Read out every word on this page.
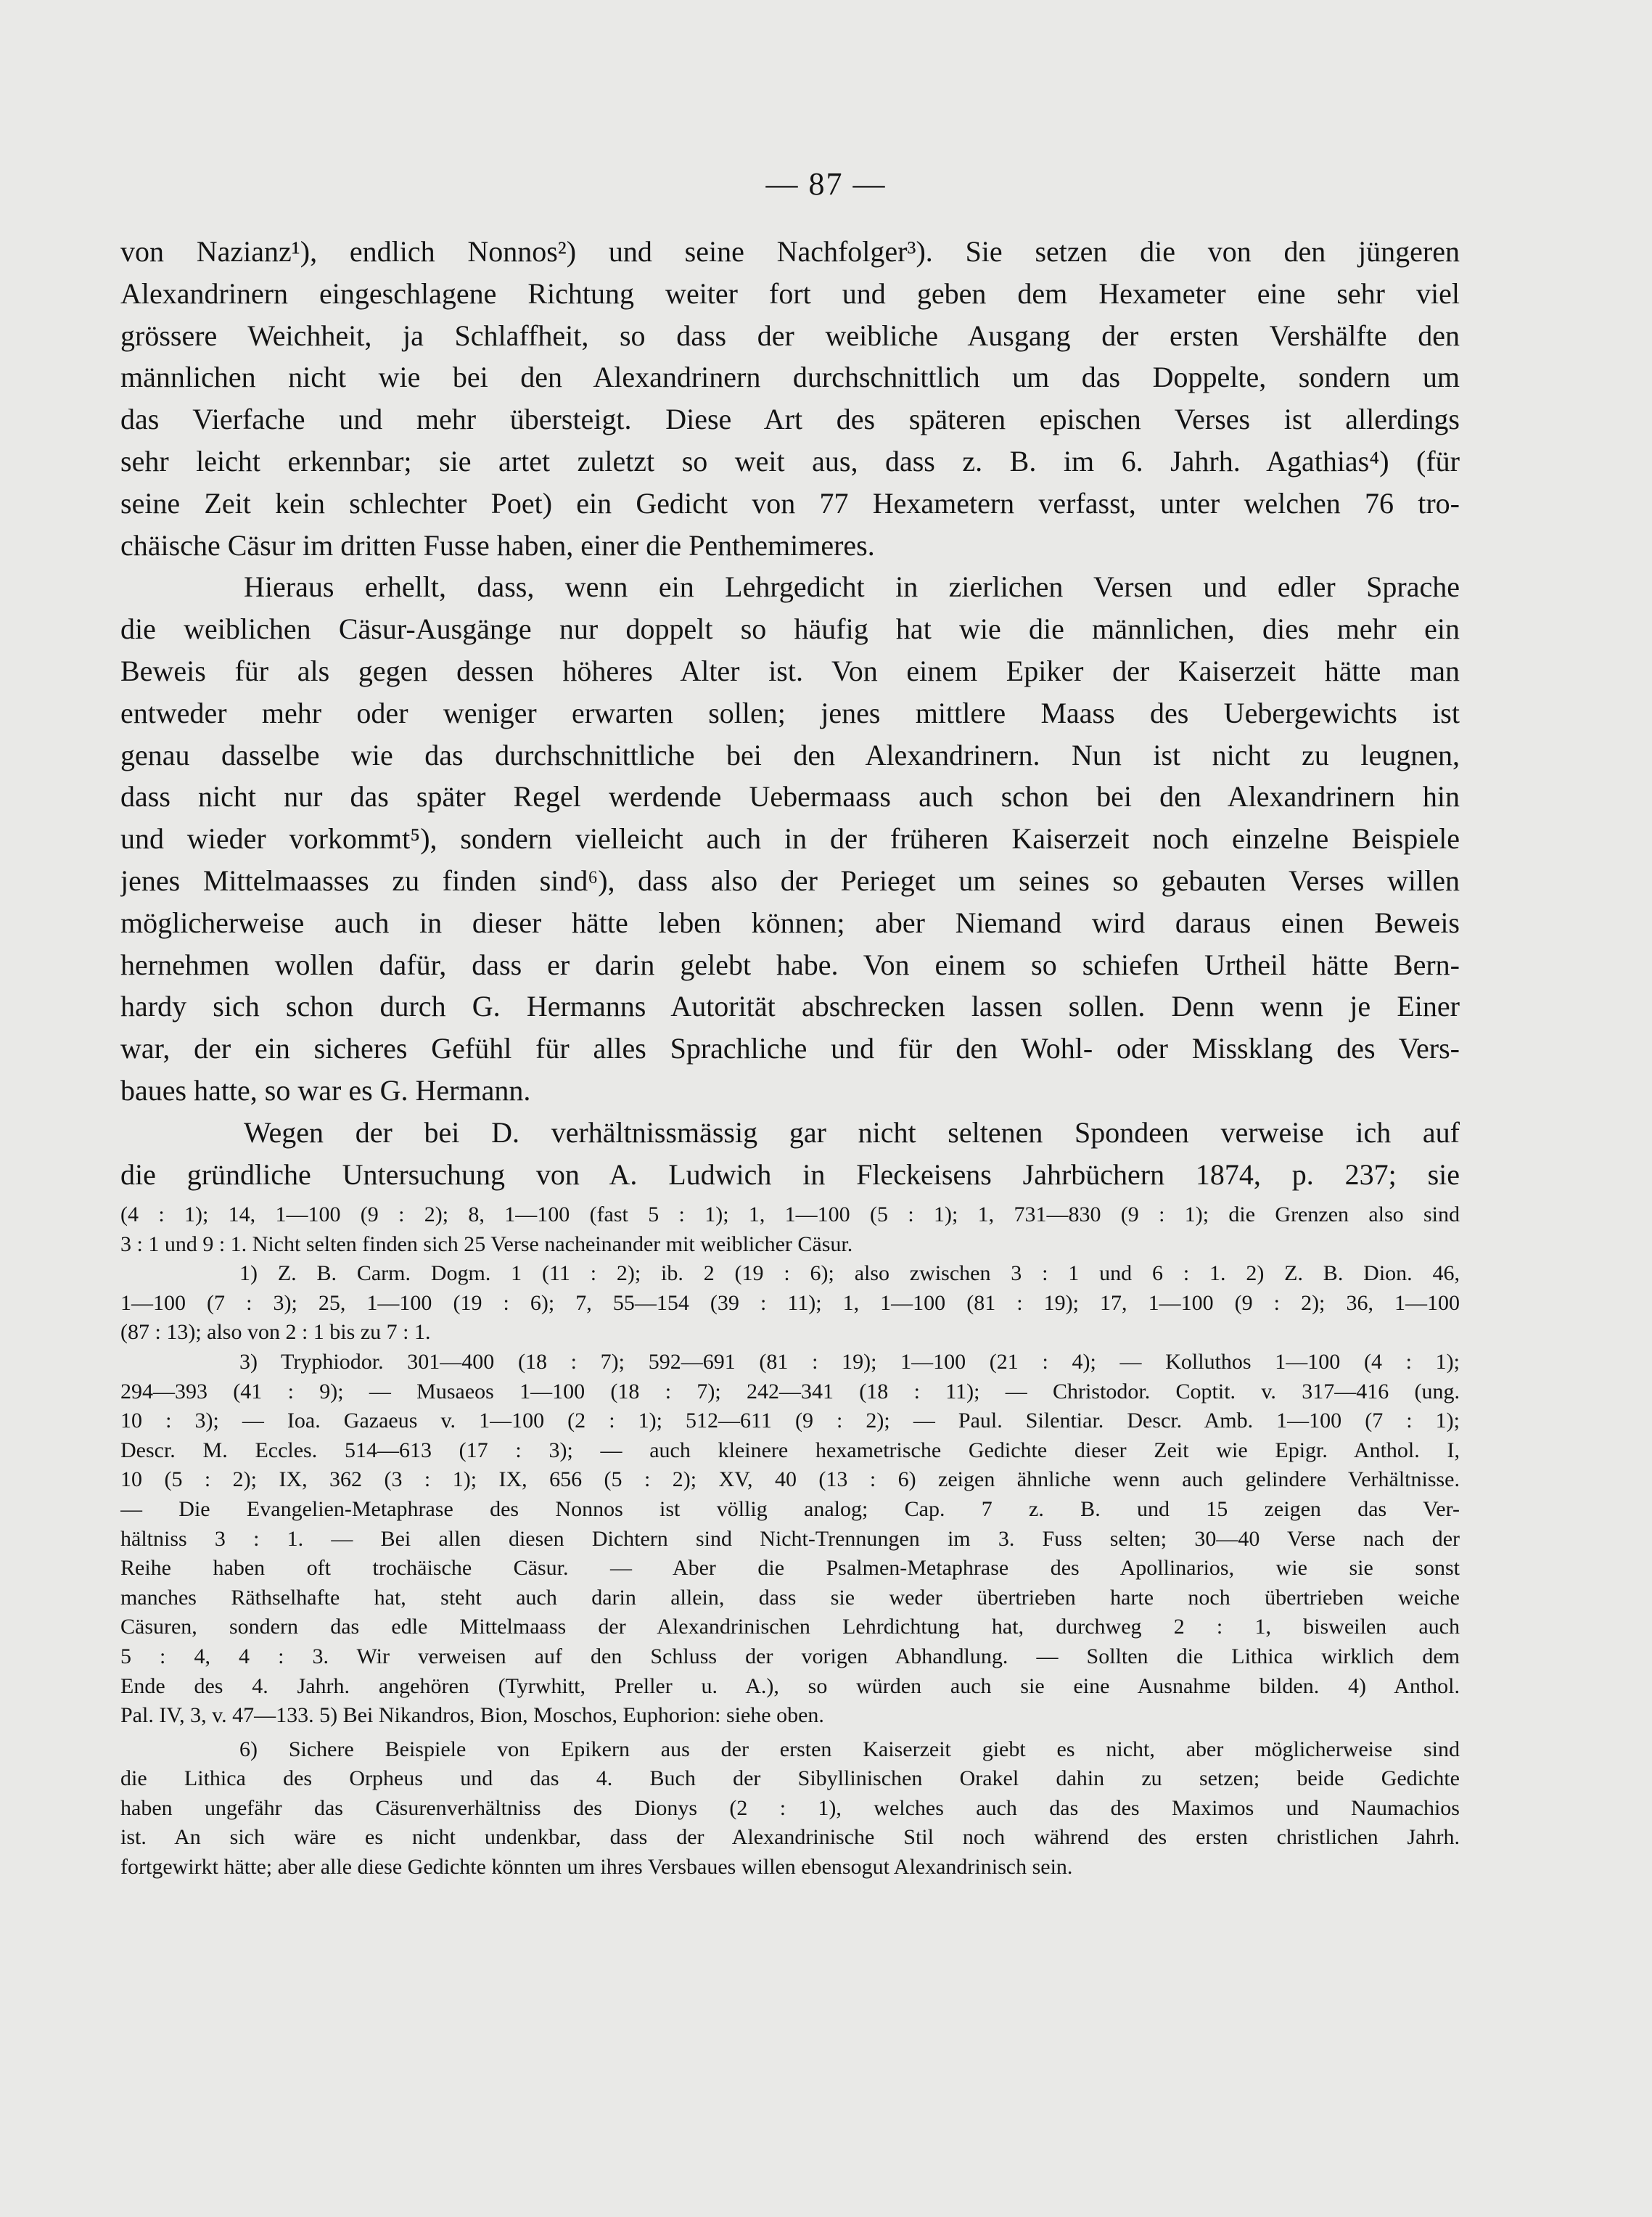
— 87 —
von Nazianz¹), endlich Nonnos²) und seine Nachfolger³). Sie setzen die von den jüngeren
Alexandrinern eingeschlagene Richtung weiter fort und geben dem Hexameter eine sehr viel
grössere Weichheit, ja Schlaffheit, so dass der weibliche Ausgang der ersten Vershälfte den
männlichen nicht wie bei den Alexandrinern durchschnittlich um das Doppelte, sondern um
das Vierfache und mehr übersteigt. Diese Art des späteren epischen Verses ist allerdings
sehr leicht erkennbar; sie artet zuletzt so weit aus, dass z. B. im 6. Jahrh. Agathias⁴) (für
seine Zeit kein schlechter Poet) ein Gedicht von 77 Hexametern verfasst, unter welchen 76 tro-
chäische Cäsur im dritten Fusse haben, einer die Penthemimeres.
Hieraus erhellt, dass, wenn ein Lehrgedicht in zierlichen Versen und edler Sprache
die weiblichen Cäsur-Ausgänge nur doppelt so häufig hat wie die männlichen, dies mehr ein
Beweis für als gegen dessen höheres Alter ist. Von einem Epiker der Kaiserzeit hätte man
entweder mehr oder weniger erwarten sollen; jenes mittlere Maass des Uebergewichts ist
genau dasselbe wie das durchschnittliche bei den Alexandrinern. Nun ist nicht zu leugnen,
dass nicht nur das später Regel werdende Uebermaass auch schon bei den Alexandrinern hin
und wieder vorkommt⁵), sondern vielleicht auch in der früheren Kaiserzeit noch einzelne Beispiele
jenes Mittelmaasses zu finden sind⁶), dass also der Perieget um seines so gebauten Verses willen
möglicherweise auch in dieser hätte leben können; aber Niemand wird daraus einen Beweis
hernehmen wollen dafür, dass er darin gelebt habe. Von einem so schiefen Urtheil hätte Bern-
hardy sich schon durch G. Hermanns Autorität abschrecken lassen sollen. Denn wenn je Einer
war, der ein sicheres Gefühl für alles Sprachliche und für den Wohl- oder Missklang des Vers-
baues hatte, so war es G. Hermann.
Wegen der bei D. verhältnissmässig gar nicht seltenen Spondeen verweise ich auf
die gründliche Untersuchung von A. Ludwich in Fleckeisens Jahrbüchern 1874, p. 237; sie
(4 : 1); 14, 1—100 (9 : 2); 8, 1—100 (fast 5 : 1); 1, 1—100 (5 : 1); 1, 731—830 (9 : 1); die Grenzen also sind
3 : 1 und 9 : 1. Nicht selten finden sich 25 Verse nacheinander mit weiblicher Cäsur.
1) Z. B. Carm. Dogm. 1 (11 : 2); ib. 2 (19 : 6); also zwischen 3 : 1 und 6 : 1. 2) Z. B. Dion. 46,
1—100 (7 : 3); 25, 1—100 (19 : 6); 7, 55—154 (39 : 11); 1, 1—100 (81 : 19); 17, 1—100 (9 : 2); 36, 1—100
(87 : 13); also von 2 : 1 bis zu 7 : 1.
3) Tryphiodor. 301—400 (18 : 7); 592—691 (81 : 19); 1—100 (21 : 4); — Kolluthos 1—100 (4 : 1);
294—393 (41 : 9); — Musaeos 1—100 (18 : 7); 242—341 (18 : 11); — Christodor. Coptit. v. 317—416 (ung.
10 : 3); — Ioa. Gazaeus v. 1—100 (2 : 1); 512—611 (9 : 2); — Paul. Silentiar. Descr. Amb. 1—100 (7 : 1);
Descr. M. Eccles. 514—613 (17 : 3); — auch kleinere hexametrische Gedichte dieser Zeit wie Epigr. Anthol. I,
10 (5 : 2); IX, 362 (3 : 1); IX, 656 (5 : 2); XV, 40 (13 : 6) zeigen ähnliche wenn auch gelindere Verhältnisse.
— Die Evangelien-Metaphrase des Nonnos ist völlig analog; Cap. 7 z. B. und 15 zeigen das Ver-
hältniss 3 : 1. — Bei allen diesen Dichtern sind Nicht-Trennungen im 3. Fuss selten; 30—40 Verse nach der
Reihe haben oft trochäische Cäsur. — Aber die Psalmen-Metaphrase des Apollinarios, wie sie sonst
manches Räthselhafte hat, steht auch darin allein, dass sie weder übertrieben harte noch übertrieben weiche
Cäsuren, sondern das edle Mittelmaass der Alexandrinischen Lehrdichtung hat, durchweg 2 : 1, bisweilen auch
5 : 4, 4 : 3. Wir verweisen auf den Schluss der vorigen Abhandlung. — Sollten die Lithica wirklich dem
Ende des 4. Jahrh. angehören (Tyrwhitt, Preller u. A.), so würden auch sie eine Ausnahme bilden. 4) Anthol.
Pal. IV, 3, v. 47—133. 5) Bei Nikandros, Bion, Moschos, Euphorion: siehe oben.
6) Sichere Beispiele von Epikern aus der ersten Kaiserzeit giebt es nicht, aber möglicherweise sind
die Lithica des Orpheus und das 4. Buch der Sibyllinischen Orakel dahin zu setzen; beide Gedichte
haben ungefähr das Cäsurenverhältniss des Dionys (2 : 1), welches auch das des Maximos und Naumachios
ist. An sich wäre es nicht undenkbar, dass der Alexandrinische Stil noch während des ersten christlichen Jahrh.
fortgewirkt hätte; aber alle diese Gedichte könnten um ihres Versbaues willen ebensogut Alexandrinisch sein.
